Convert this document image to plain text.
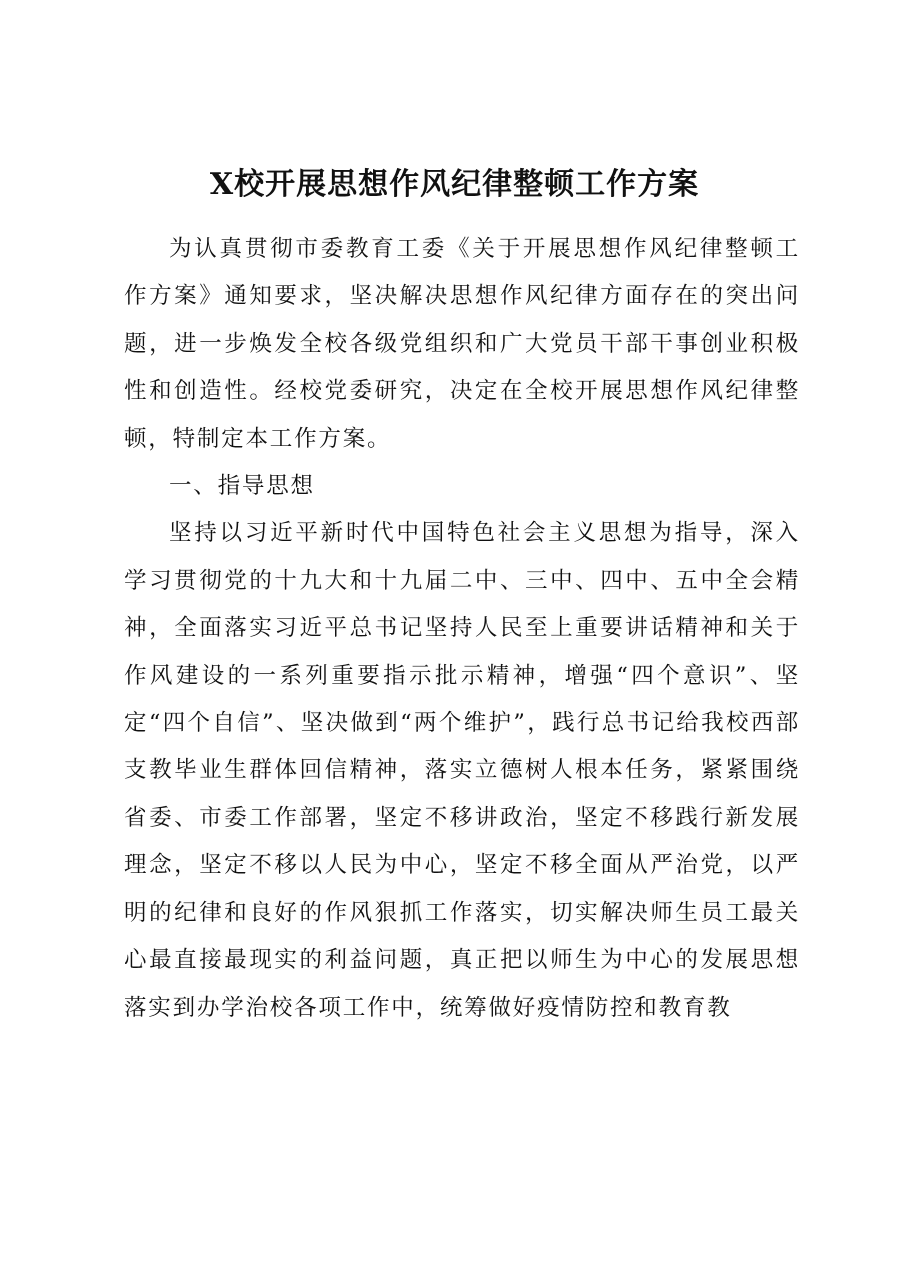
X校开展思想作风纪律整顿工作方案

为认真贯彻市委教育工委《关于开展思想作风纪律整顿工作方案》通知要求，坚决解决思想作风纪律方面存在的突出问题，进一步焕发全校各级党组织和广大党员干部干事创业积极性和创造性。经校党委研究，决定在全校开展思想作风纪律整顿，特制定本工作方案。

一、指导思想

坚持以习近平新时代中国特色社会主义思想为指导，深入学习贯彻党的十九大和十九届二中、三中、四中、五中全会精神，全面落实习近平总书记坚持人民至上重要讲话精神和关于作风建设的一系列重要指示批示精神，增强“四个意识”、坚定“四个自信”、坚决做到“两个维护”，践行总书记给我校西部支教毕业生群体回信精神，落实立德树人根本任务，紧紧围绕省委、市委工作部署，坚定不移讲政治，坚定不移践行新发展理念，坚定不移以人民为中心，坚定不移全面从严治党，以严明的纪律和良好的作风狠抓工作落实，切实解决师生员工最关心最直接最现实的利益问题，真正把以师生为中心的发展思想落实到办学治校各项工作中，统筹做好疫情防控和教育教
